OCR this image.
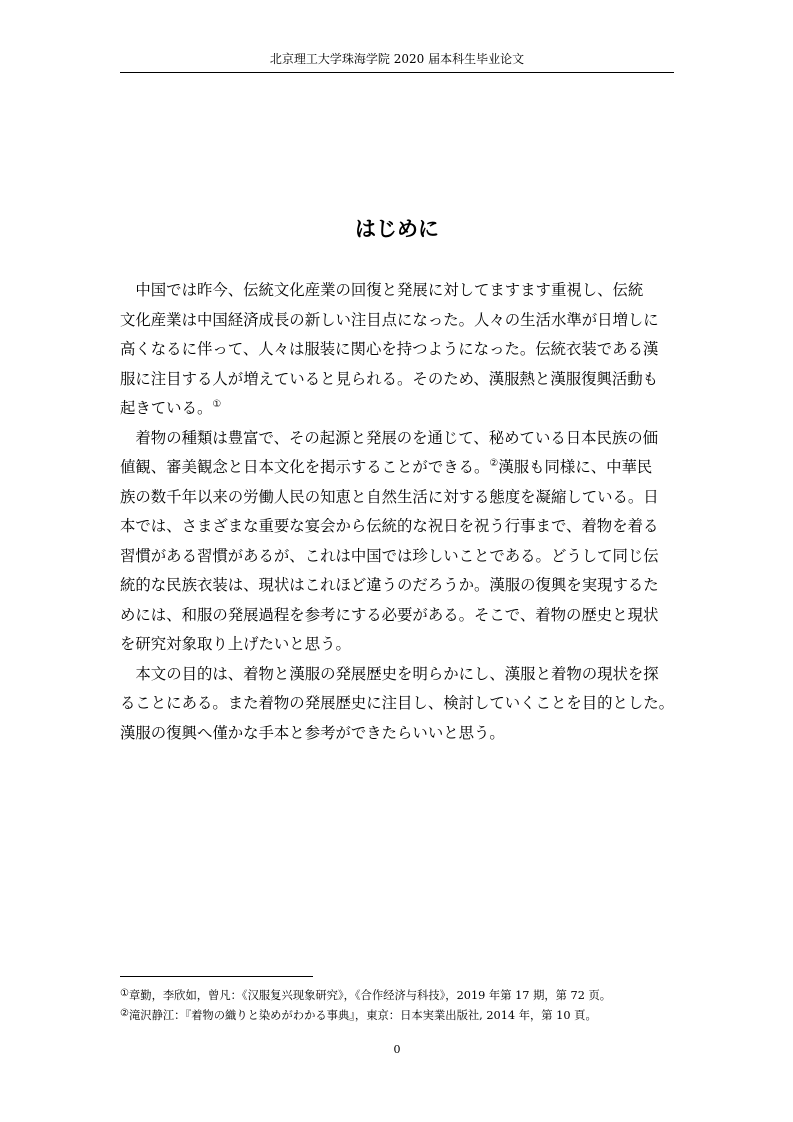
北京理工大学珠海学院 2020 届本科生毕业论文
はじめに

　中国では昨今、伝統文化産業の回復と発展に対してますます重視し、伝統
文化産業は中国経済成長の新しい注目点になった。人々の生活水準が日増しに
高くなるに伴って、人々は服装に関心を持つようになった。伝統衣装である漢
服に注目する人が増えていると見られる。そのため、漢服熱と漢服復興活動も
起きている。①

　着物の種類は豊富で、その起源と発展のを通じて、秘めている日本民族の価
値観、審美観念と日本文化を掲示することができる。②漢服も同様に、中華民
族の数千年以来の労働人民の知恵と自然生活に対する態度を凝縮している。日
本では、さまざまな重要な宴会から伝統的な祝日を祝う行事まで、着物を着る
習慣がある習慣があるが、これは中国では珍しいことである。どうして同じ伝
統的な民族衣装は、現状はこれほど違うのだろうか。漢服の復興を実現するた
めには、和服の発展過程を参考にする必要がある。そこで、着物の歴史と現状
を研究対象取り上げたいと思う。

　本文の目的は、着物と漢服の発展歴史を明らかにし、漢服と着物の現状を探
ることにある。また着物の発展歴史に注目し、検討していくことを目的とした。
漢服の復興へ僅かな手本と参考ができたらいいと思う。

①章勤，李欣如，曾凡：《汉服复兴现象研究》，《合作经济与科技》，2019 年第 17 期，第 72 页。

②滝沢静江：『着物の織りと染めがわかる事典』，東京：日本実業出版社, 2014 年，第 10 頁。

0
